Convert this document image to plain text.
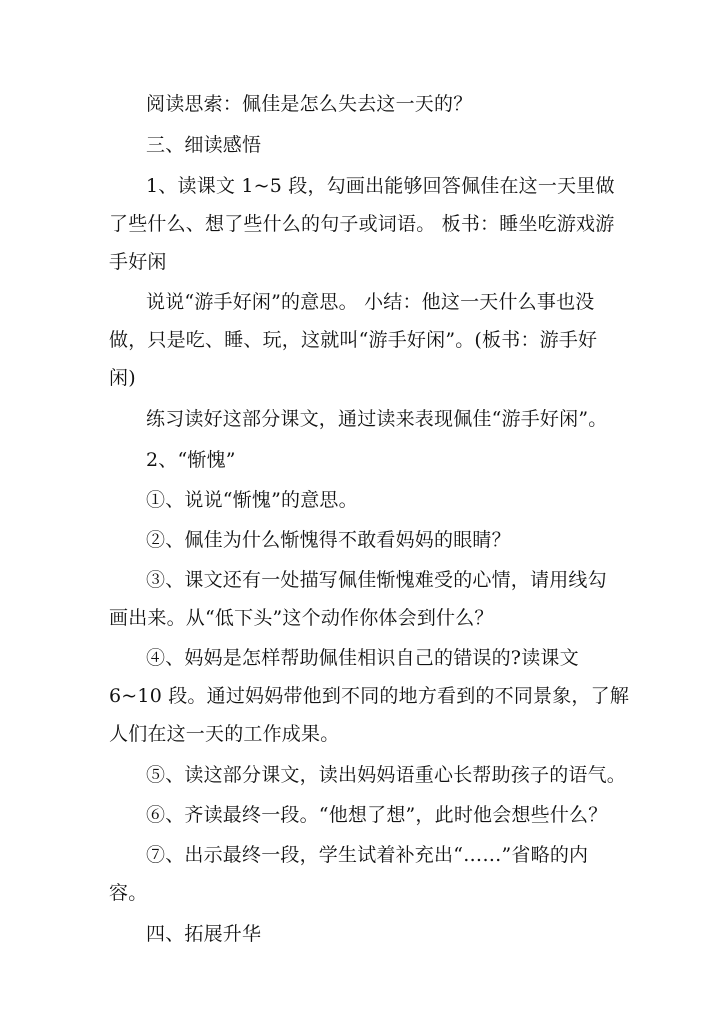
阅读思索：佩佳是怎么失去这一天的？
三、细读感悟
1、读课文 1~5 段，勾画出能够回答佩佳在这一天里做
了些什么、想了些什么的句子或词语。 板书：睡坐吃游戏游
手好闲
说说“游手好闲”的意思。 小结：他这一天什么事也没
做，只是吃、睡、玩，这就叫“游手好闲”。(板书：游手好
闲)
练习读好这部分课文，通过读来表现佩佳“游手好闲”。
2、“惭愧”
①、说说“惭愧”的意思。
②、佩佳为什么惭愧得不敢看妈妈的眼睛？
③、课文还有一处描写佩佳惭愧难受的心情，请用线勾
画出来。从“低下头”这个动作你体会到什么？
④、妈妈是怎样帮助佩佳相识自己的错误的?读课文
6~10 段。通过妈妈带他到不同的地方看到的不同景象，了解
人们在这一天的工作成果。
⑤、读这部分课文，读出妈妈语重心长帮助孩子的语气。
⑥、齐读最终一段。“他想了想”，此时他会想些什么？
⑦、出示最终一段，学生试着补充出“……”省略的内
容。
四、拓展升华
